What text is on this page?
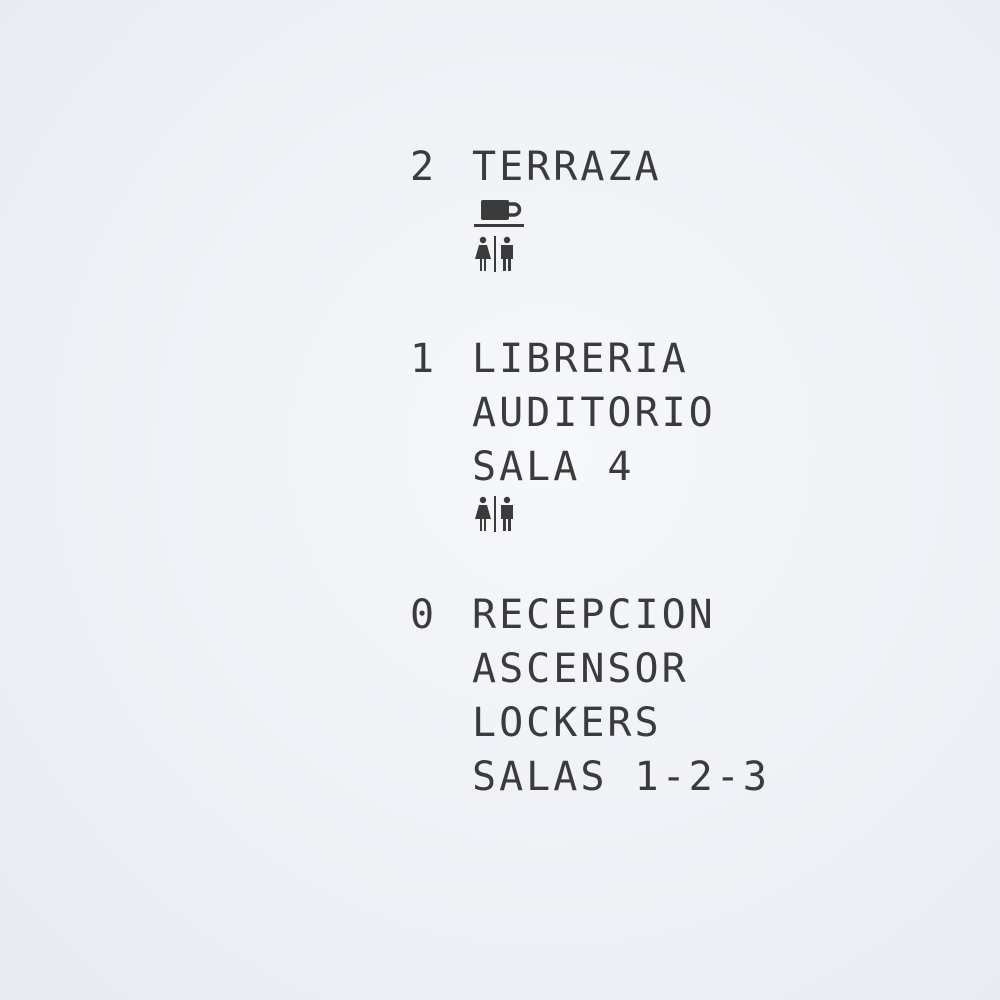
2 TERRAZA
1 LIBRERIA
AUDITORIO
SALA 4
0 RECEPCION
ASCENSOR
LOCKERS
SALAS 1-2-3
